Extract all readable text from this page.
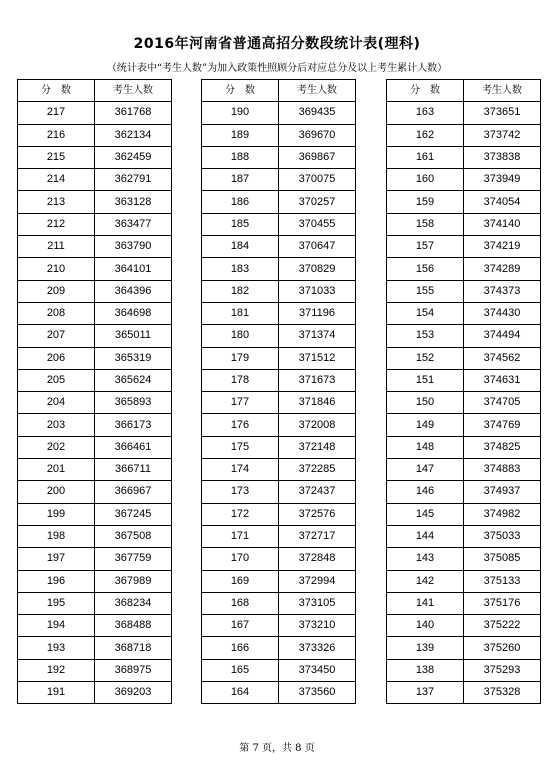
2016年河南省普通高招分数段统计表(理科)
（统计表中“考生人数”为加入政策性照顾分后对应总分及以上考生累计人数）
分　数	考生人数
217	361768
216	362134
215	362459
214	362791
213	363128
212	363477
211	363790
210	364101
209	364396
208	364698
207	365011
206	365319
205	365624
204	365893
203	366173
202	366461
201	366711
200	366967
199	367245
198	367508
197	367759
196	367989
195	368234
194	368488
193	368718
192	368975
191	369203
分　数	考生人数
190	369435
189	369670
188	369867
187	370075
186	370257
185	370455
184	370647
183	370829
182	371033
181	371196
180	371374
179	371512
178	371673
177	371846
176	372008
175	372148
174	372285
173	372437
172	372576
171	372717
170	372848
169	372994
168	373105
167	373210
166	373326
165	373450
164	373560
分　数	考生人数
163	373651
162	373742
161	373838
160	373949
159	374054
158	374140
157	374219
156	374289
155	374373
154	374430
153	374494
152	374562
151	374631
150	374705
149	374769
148	374825
147	374883
146	374937
145	374982
144	375033
143	375085
142	375133
141	375176
140	375222
139	375260
138	375293
137	375328
第 7 页，共 8 页
